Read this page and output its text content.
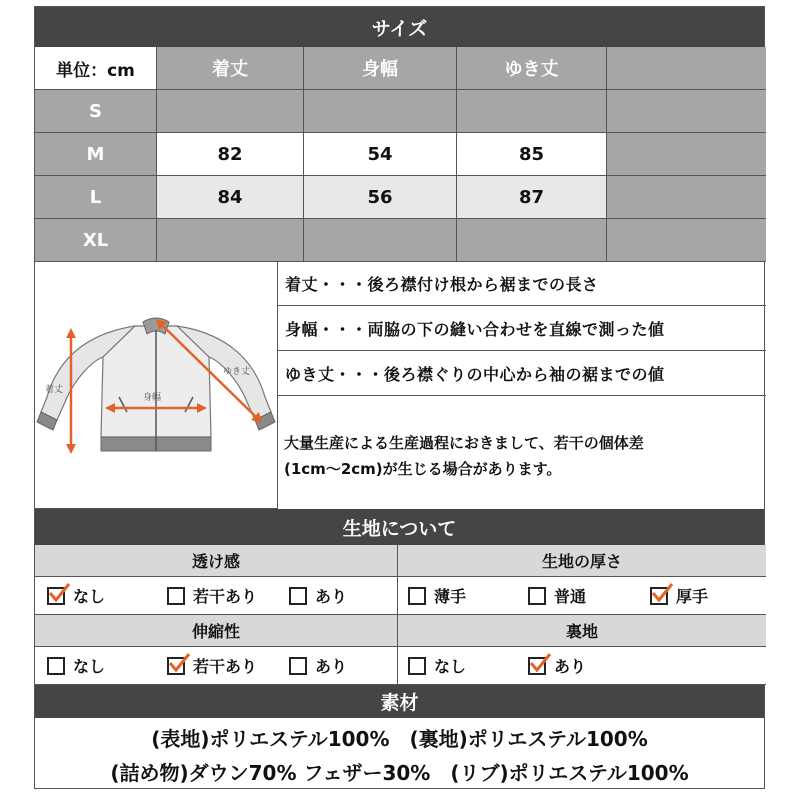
サイズ
単位：cm	着丈	身幅	ゆき丈
S
M	82	54	85
L	84	56	87
XL
着丈
身幅
ゆき丈
着丈・・・後ろ襟付け根から裾までの長さ
身幅・・・両脇の下の縫い合わせを直線で測った値
ゆき丈・・・後ろ襟ぐりの中心から袖の裾までの値
大量生産による生産過程におきまして、若干の個体差
(1cm～2cm)が生じる場合があります。
生地について
透け感	生地の厚さ
なし	若干あり	あり	薄手	普通	厚手
伸縮性	裏地
なし	若干あり	あり	なし	あり
素材
(表地)ポリエステル100%　(裏地)ポリエステル100%
(詰め物)ダウン70% フェザー30%　(リブ)ポリエステル100%
